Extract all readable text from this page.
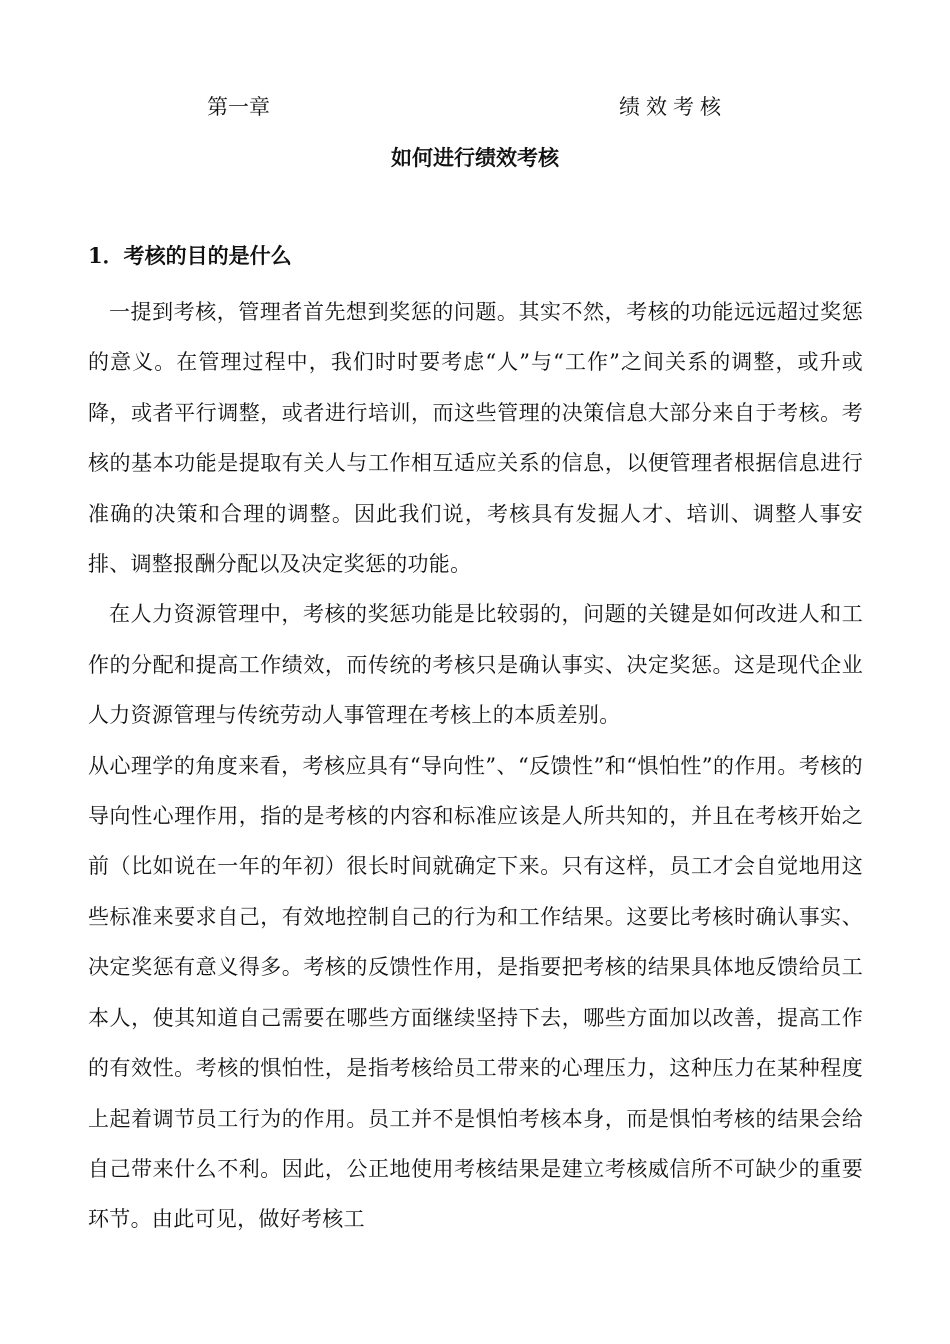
第一章	绩效考核
如何进行绩效考核
1．考核的目的是什么

一提到考核，管理者首先想到奖惩的问题。其实不然，考核的功能远远超过奖惩的意义。在管理过程中，我们时时要考虑“人”与“工作”之间关系的调整，或升或降，或者平行调整，或者进行培训，而这些管理的决策信息大部分来自于考核。考核的基本功能是提取有关人与工作相互适应关系的信息，以便管理者根据信息进行准确的决策和合理的调整。因此我们说，考核具有发掘人才、培训、调整人事安排、调整报酬分配以及决定奖惩的功能。

在人力资源管理中，考核的奖惩功能是比较弱的，问题的关键是如何改进人和工作的分配和提高工作绩效，而传统的考核只是确认事实、决定奖惩。这是现代企业人力资源管理与传统劳动人事管理在考核上的本质差别。

从心理学的角度来看，考核应具有“导向性”、“反馈性”和“惧怕性”的作用。考核的导向性心理作用，指的是考核的内容和标准应该是人所共知的，并且在考核开始之前（比如说在一年的年初）很长时间就确定下来。只有这样，员工才会自觉地用这些标准来要求自己，有效地控制自己的行为和工作结果。这要比考核时确认事实、决定奖惩有意义得多。考核的反馈性作用，是指要把考核的结果具体地反馈给员工本人，使其知道自己需要在哪些方面继续坚持下去，哪些方面加以改善，提高工作的有效性。考核的惧怕性，是指考核给员工带来的心理压力，这种压力在某种程度上起着调节员工行为的作用。员工并不是惧怕考核本身，而是惧怕考核的结果会给自己带来什么不利。因此，公正地使用考核结果是建立考核威信所不可缺少的重要环节。由此可见，做好考核工
